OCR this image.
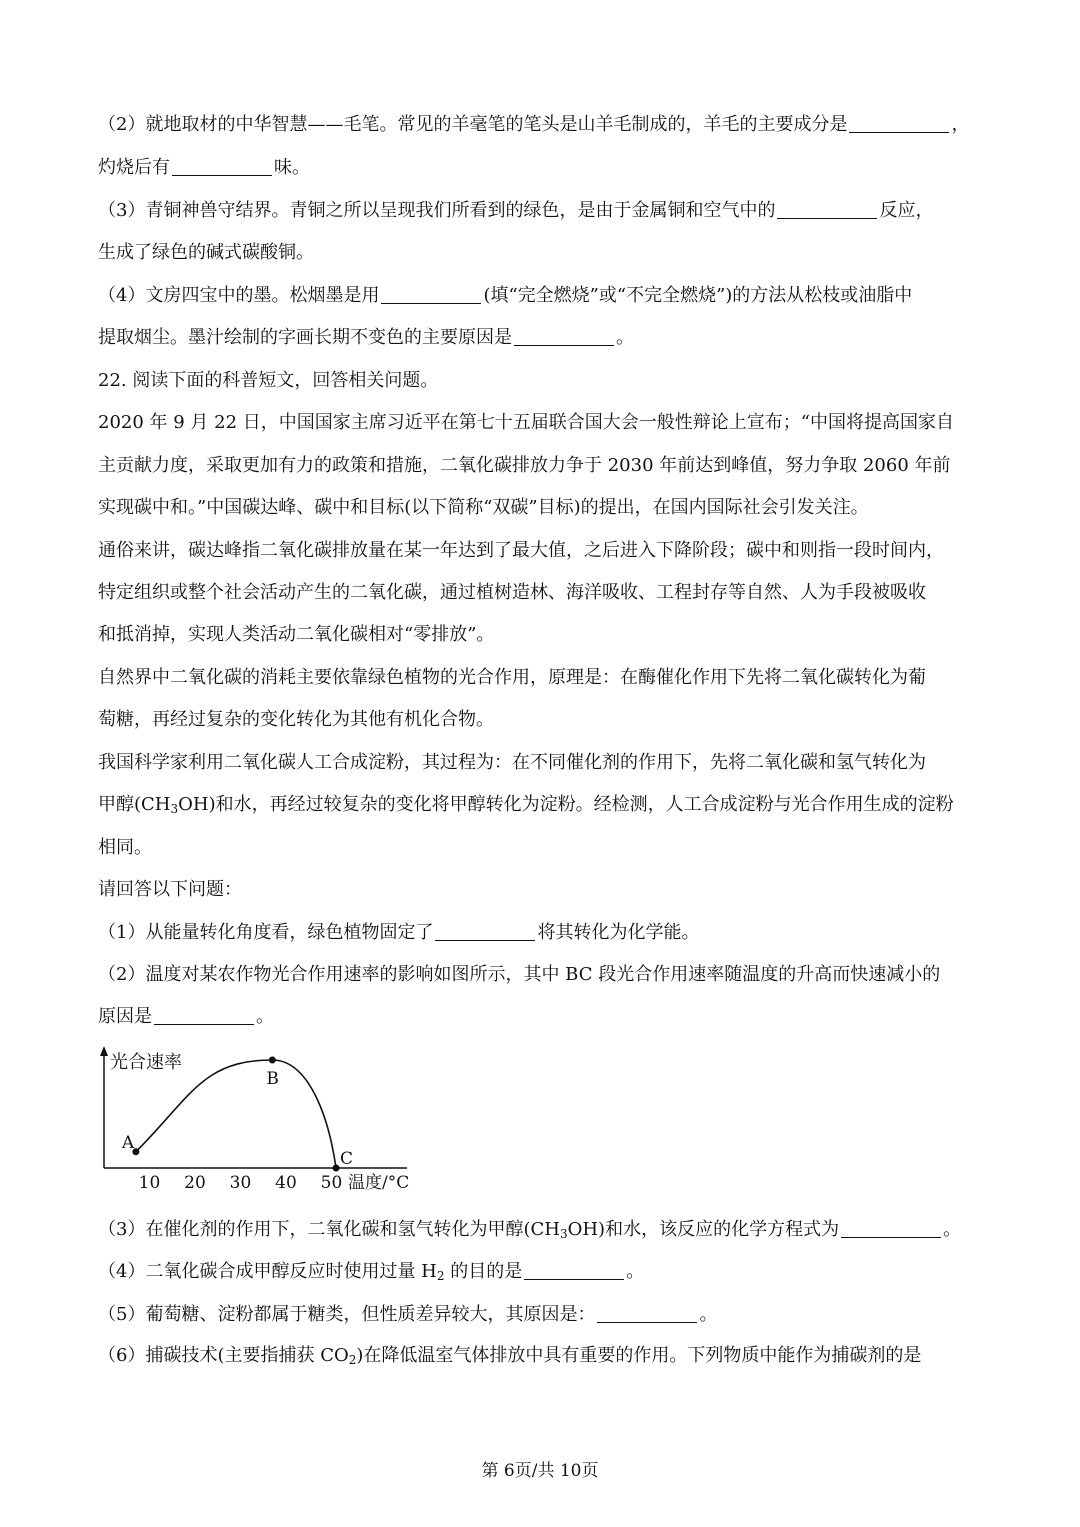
（2）就地取材的中华智慧——毛笔。常见的羊毫笔的笔头是山羊毛制成的，羊毛的主要成分是	，
灼烧后有	味。
（3）青铜神兽守结界。青铜之所以呈现我们所看到的绿色，是由于金属铜和空气中的	反应，
生成了绿色的碱式碳酸铜。
（4）文房四宝中的墨。松烟墨是用	(填“完全燃烧”或“不完全燃烧”)的方法从松枝或油脂中
提取烟尘。墨汁绘制的字画长期不变色的主要原因是	。
22. 阅读下面的科普短文，回答相关问题。
2020 年 9 月 22 日，中国国家主席习近平在第七十五届联合国大会一般性辩论上宣布；“中国将提高国家自
主贡献力度，采取更加有力的政策和措施，二氧化碳排放力争于 2030 年前达到峰值，努力争取 2060 年前
实现碳中和。”中国碳达峰、碳中和目标(以下简称“双碳”目标)的提出，在国内国际社会引发关注。
通俗来讲，碳达峰指二氧化碳排放量在某一年达到了最大值，之后进入下降阶段；碳中和则指一段时间内，
特定组织或整个社会活动产生的二氧化碳，通过植树造林、海洋吸收、工程封存等自然、人为手段被吸收
和抵消掉，实现人类活动二氧化碳相对“零排放”。
自然界中二氧化碳的消耗主要依靠绿色植物的光合作用，原理是：在酶催化作用下先将二氧化碳转化为葡
萄糖，再经过复杂的变化转化为其他有机化合物。
我国科学家利用二氧化碳人工合成淀粉，其过程为：在不同催化剂的作用下，先将二氧化碳和氢气转化为
甲醇$(CH_3OH)$和水，再经过较复杂的变化将甲醇转化为淀粉。经检测，人工合成淀粉与光合作用生成的淀粉
相同。
请回答以下问题：
（1）从能量转化角度看，绿色植物固定了	将其转化为化学能。
（2）温度对某农作物光合作用速率的影响如图所示，其中 BC 段光合作用速率随温度的升高而快速减小的
原因是	。
光合速率
温度/°C
10 20 30 40 50
A
B
C
（3）在催化剂的作用下，二氧化碳和氢气转化为甲醇$(CH_3OH)$和水，该反应的化学方程式为	。
（4）二氧化碳合成甲醇反应时使用过量 $H_2$ 的目的是	。
（5）葡萄糖、淀粉都属于糖类，但性质差异较大，其原因是：	。
（6）捕碳技术(主要指捕获 $CO_2$)在降低温室气体排放中具有重要的作用。下列物质中能作为捕碳剂的是
第 6页/共 10页
